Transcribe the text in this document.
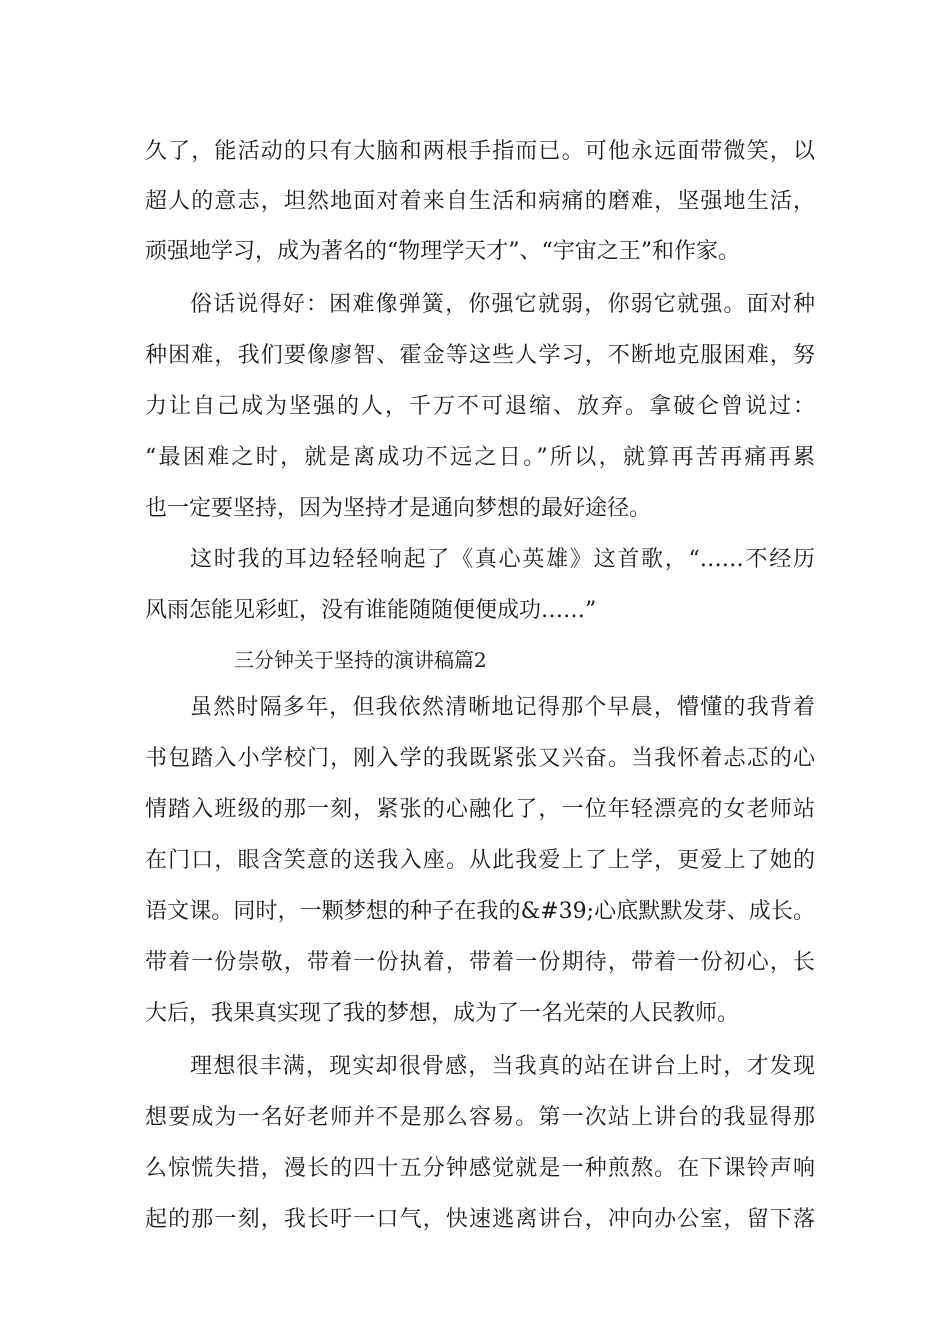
久了，能活动的只有大脑和两根手指而已。可他永远面带微笑，以
超人的意志，坦然地面对着来自生活和病痛的磨难，坚强地生活，
顽强地学习，成为著名的“物理学天才”、“宇宙之王”和作家。
俗话说得好：困难像弹簧，你强它就弱，你弱它就强。面对种
种困难，我们要像廖智、霍金等这些人学习，不断地克服困难，努
力让自己成为坚强的人，千万不可退缩、放弃。拿破仑曾说过：
“最困难之时，就是离成功不远之日。”所以，就算再苦再痛再累
也一定要坚持，因为坚持才是通向梦想的最好途径。
这时我的耳边轻轻响起了《真心英雄》这首歌，“……不经历
风雨怎能见彩虹，没有谁能随随便便成功……”
三分钟关于坚持的演讲稿篇2
虽然时隔多年，但我依然清晰地记得那个早晨，懵懂的我背着
书包踏入小学校门，刚入学的我既紧张又兴奋。当我怀着忐忑的心
情踏入班级的那一刻，紧张的心融化了，一位年轻漂亮的女老师站
在门口，眼含笑意的送我入座。从此我爱上了上学，更爱上了她的
语文课。同时，一颗梦想的种子在我的&#39;心底默默发芽、成长。
带着一份崇敬，带着一份执着，带着一份期待，带着一份初心，长
大后，我果真实现了我的梦想，成为了一名光荣的人民教师。
理想很丰满，现实却很骨感，当我真的站在讲台上时，才发现
想要成为一名好老师并不是那么容易。第一次站上讲台的我显得那
么惊慌失措，漫长的四十五分钟感觉就是一种煎熬。在下课铃声响
起的那一刻，我长吁一口气，快速逃离讲台，冲向办公室，留下落
